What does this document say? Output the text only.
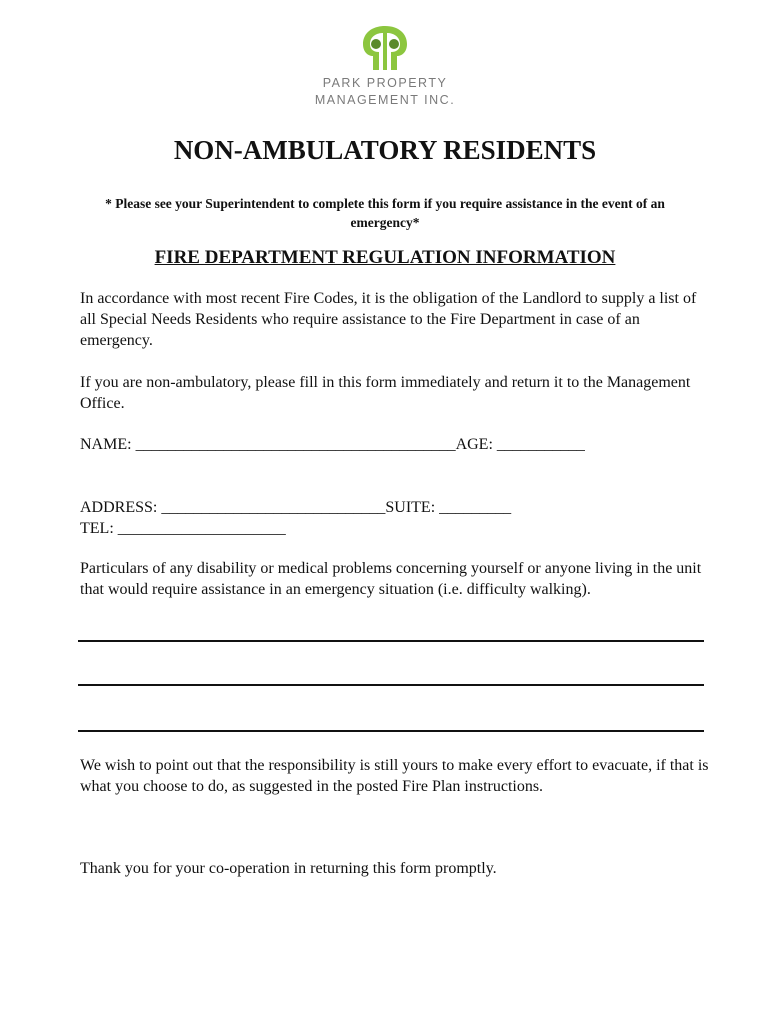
PARK PROPERTY
MANAGEMENT INC.
NON-AMBULATORY RESIDENTS

* Please see your Superintendent to complete this form if you require assistance in the event of an emergency*

FIRE DEPARTMENT REGULATION INFORMATION

In accordance with most recent Fire Codes, it is the obligation of the Landlord to supply a list of all Special Needs Residents who require assistance to the Fire Department in case of an emergency.

If you are non-ambulatory, please fill in this form immediately and return it to the Management Office.

NAME: ________________________________________AGE: ___________
ADDRESS: ____________________________SUITE: _________
TEL: _____________________

Particulars of any disability or medical problems concerning yourself or anyone living in the unit that would require assistance in an emergency situation (i.e. difficulty walking).

We wish to point out that the responsibility is still yours to make every effort to evacuate, if that is what you choose to do, as suggested in the posted Fire Plan instructions.

Thank you for your co-operation in returning this form promptly.
